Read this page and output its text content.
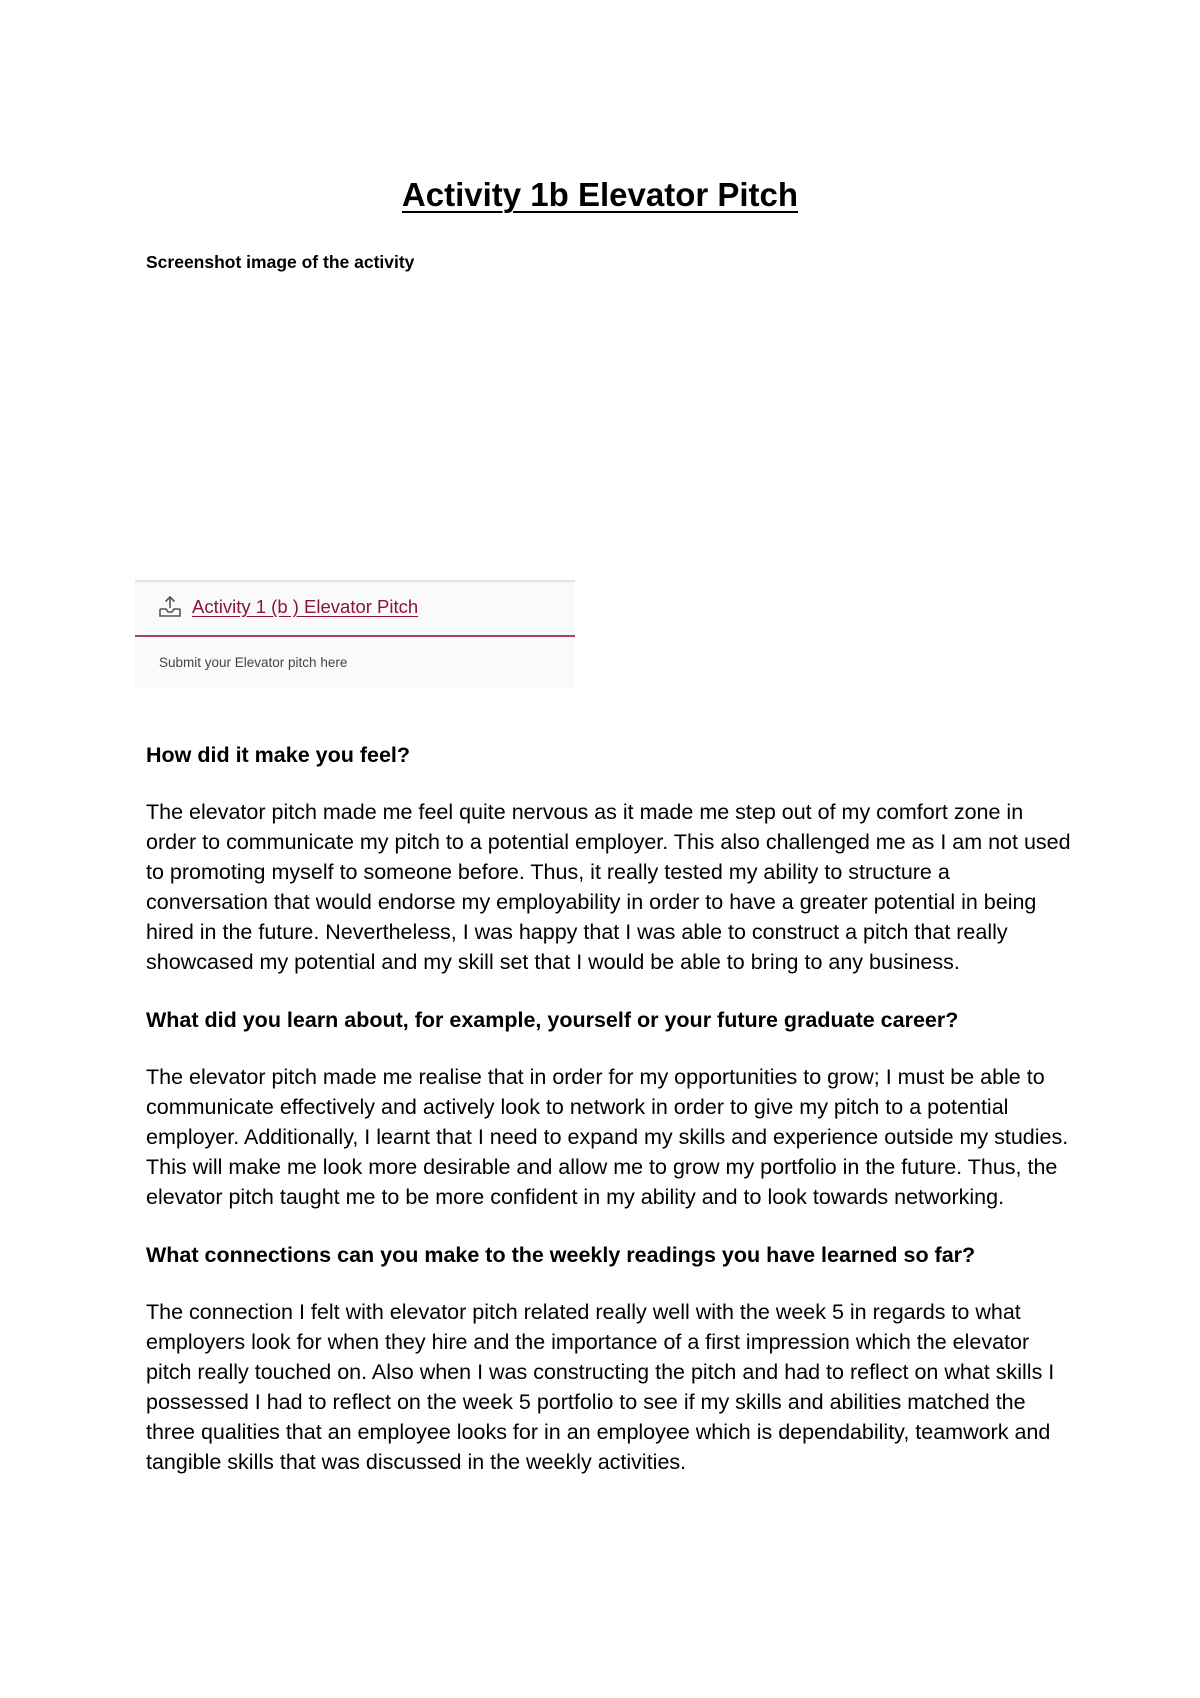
Activity 1b Elevator Pitch

Screenshot image of the activity

Activity 1 (b ) Elevator Pitch
Submit your Elevator pitch here

How did it make you feel?

The elevator pitch made me feel quite nervous as it made me step out of my comfort zone in order to communicate my pitch to a potential employer. This also challenged me as I am not used to promoting myself to someone before. Thus, it really tested my ability to structure a conversation that would endorse my employability in order to have a greater potential in being hired in the future. Nevertheless, I was happy that I was able to construct a pitch that really showcased my potential and my skill set that I would be able to bring to any business.

What did you learn about, for example, yourself or your future graduate career?

The elevator pitch made me realise that in order for my opportunities to grow; I must be able to communicate effectively and actively look to network in order to give my pitch to a potential employer. Additionally, I learnt that I need to expand my skills and experience outside my studies. This will make me look more desirable and allow me to grow my portfolio in the future. Thus, the elevator pitch taught me to be more confident in my ability and to look towards networking.

What connections can you make to the weekly readings you have learned so far?

The connection I felt with elevator pitch related really well with the week 5 in regards to what employers look for when they hire and the importance of a first impression which the elevator pitch really touched on. Also when I was constructing the pitch and had to reflect on what skills I possessed I had to reflect on the week 5 portfolio to see if my skills and abilities matched the three qualities that an employee looks for in an employee which is dependability, teamwork and tangible skills that was discussed in the weekly activities.
